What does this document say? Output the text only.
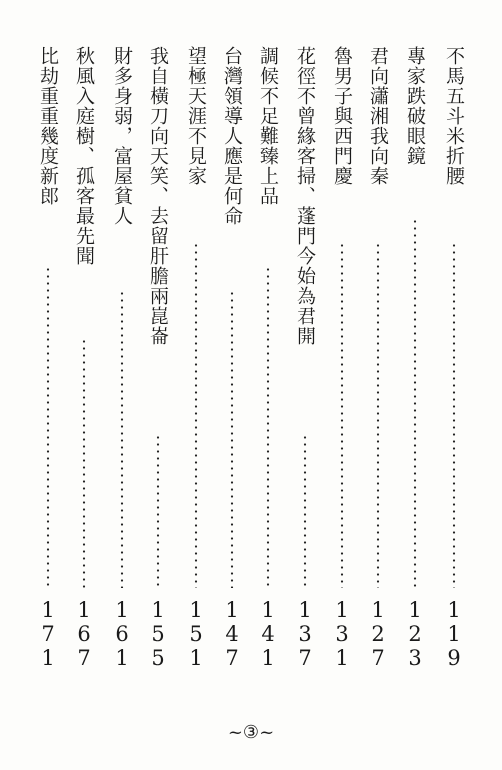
不馬五斗米折腰
119
專家跌破眼鏡
123
君向瀟湘我向秦
127
魯男子與西門慶
131
花徑不曾緣客掃、蓬門今始為君開
137
調候不足難臻上品
141
台灣領導人應是何命
147
望極天涯不見家
151
我自橫刀向天笑、去留肝膽兩崑崙
155
財多身弱，富屋貧人
161
秋風入庭樹、孤客最先聞
167
比劫重重幾度新郎
171
~③~
